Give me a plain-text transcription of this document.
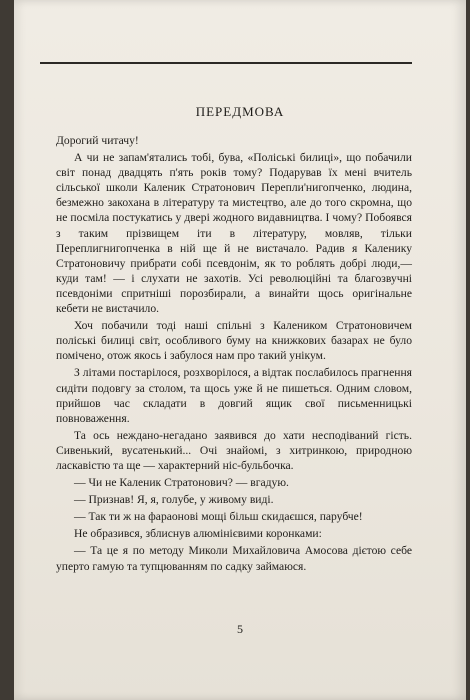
ПЕРЕДМОВА
Дорогий читачу!
А чи не запам'ятались тобі, бува, «Поліські билиці», що побачили світ понад двадцять п'ять років тому? Подарував їх мені вчитель сільської школи Каленик Стратонович Перепли'нигопченко, людина, безмежно закохана в літературу та мистецтво, але до того скромна, що не посміла постукатись у двері жодного видавництва. І чому? Побоявся з таким прізвищем іти в літературу, мовляв, тільки Переплигнигопченка в ній ще й не вистачало. Радив я Каленику Стратоновичу прибрати собі псевдонім, як то роблять добрі люди,— куди там! — і слухати не захотів. Усі революційні та благозвучні псевдоніми спритніші порозбирали, а винайти щось оригінальне кебети не вистачило.
Хоч побачили тоді наші спільні з Калеником Стратоновичем поліські билиці світ, особливого буму на книжкових базарах не було помічено, отож якось і забулося нам про такий унікум.
З літами постарілося, розхворілося, а відтак послабилось прагнення сидіти подовгу за столом, та щось уже й не пишеться. Одним словом, прийшов час складати в довгий ящик свої письменницькі повноваження.
Та ось неждано-негадано заявився до хати несподіваний гість. Сивенький, вусатенький... Очі знайомі, з хитринкою, природною ласкавістю та ще — характерний ніс-бульбочка.
— Чи не Каленик Стратонович? — вгадую.
— Признав! Я, я, голубе, у живому виді.
— Так ти ж на фараонові мощі більш скидаєшся, парубче!
Не образився, зблиснув алюмінієвими коронками:
— Та це я по методу Миколи Михайловича Амосова дієтою себе уперто гамую та тупцюванням по садку займаюся.
5
